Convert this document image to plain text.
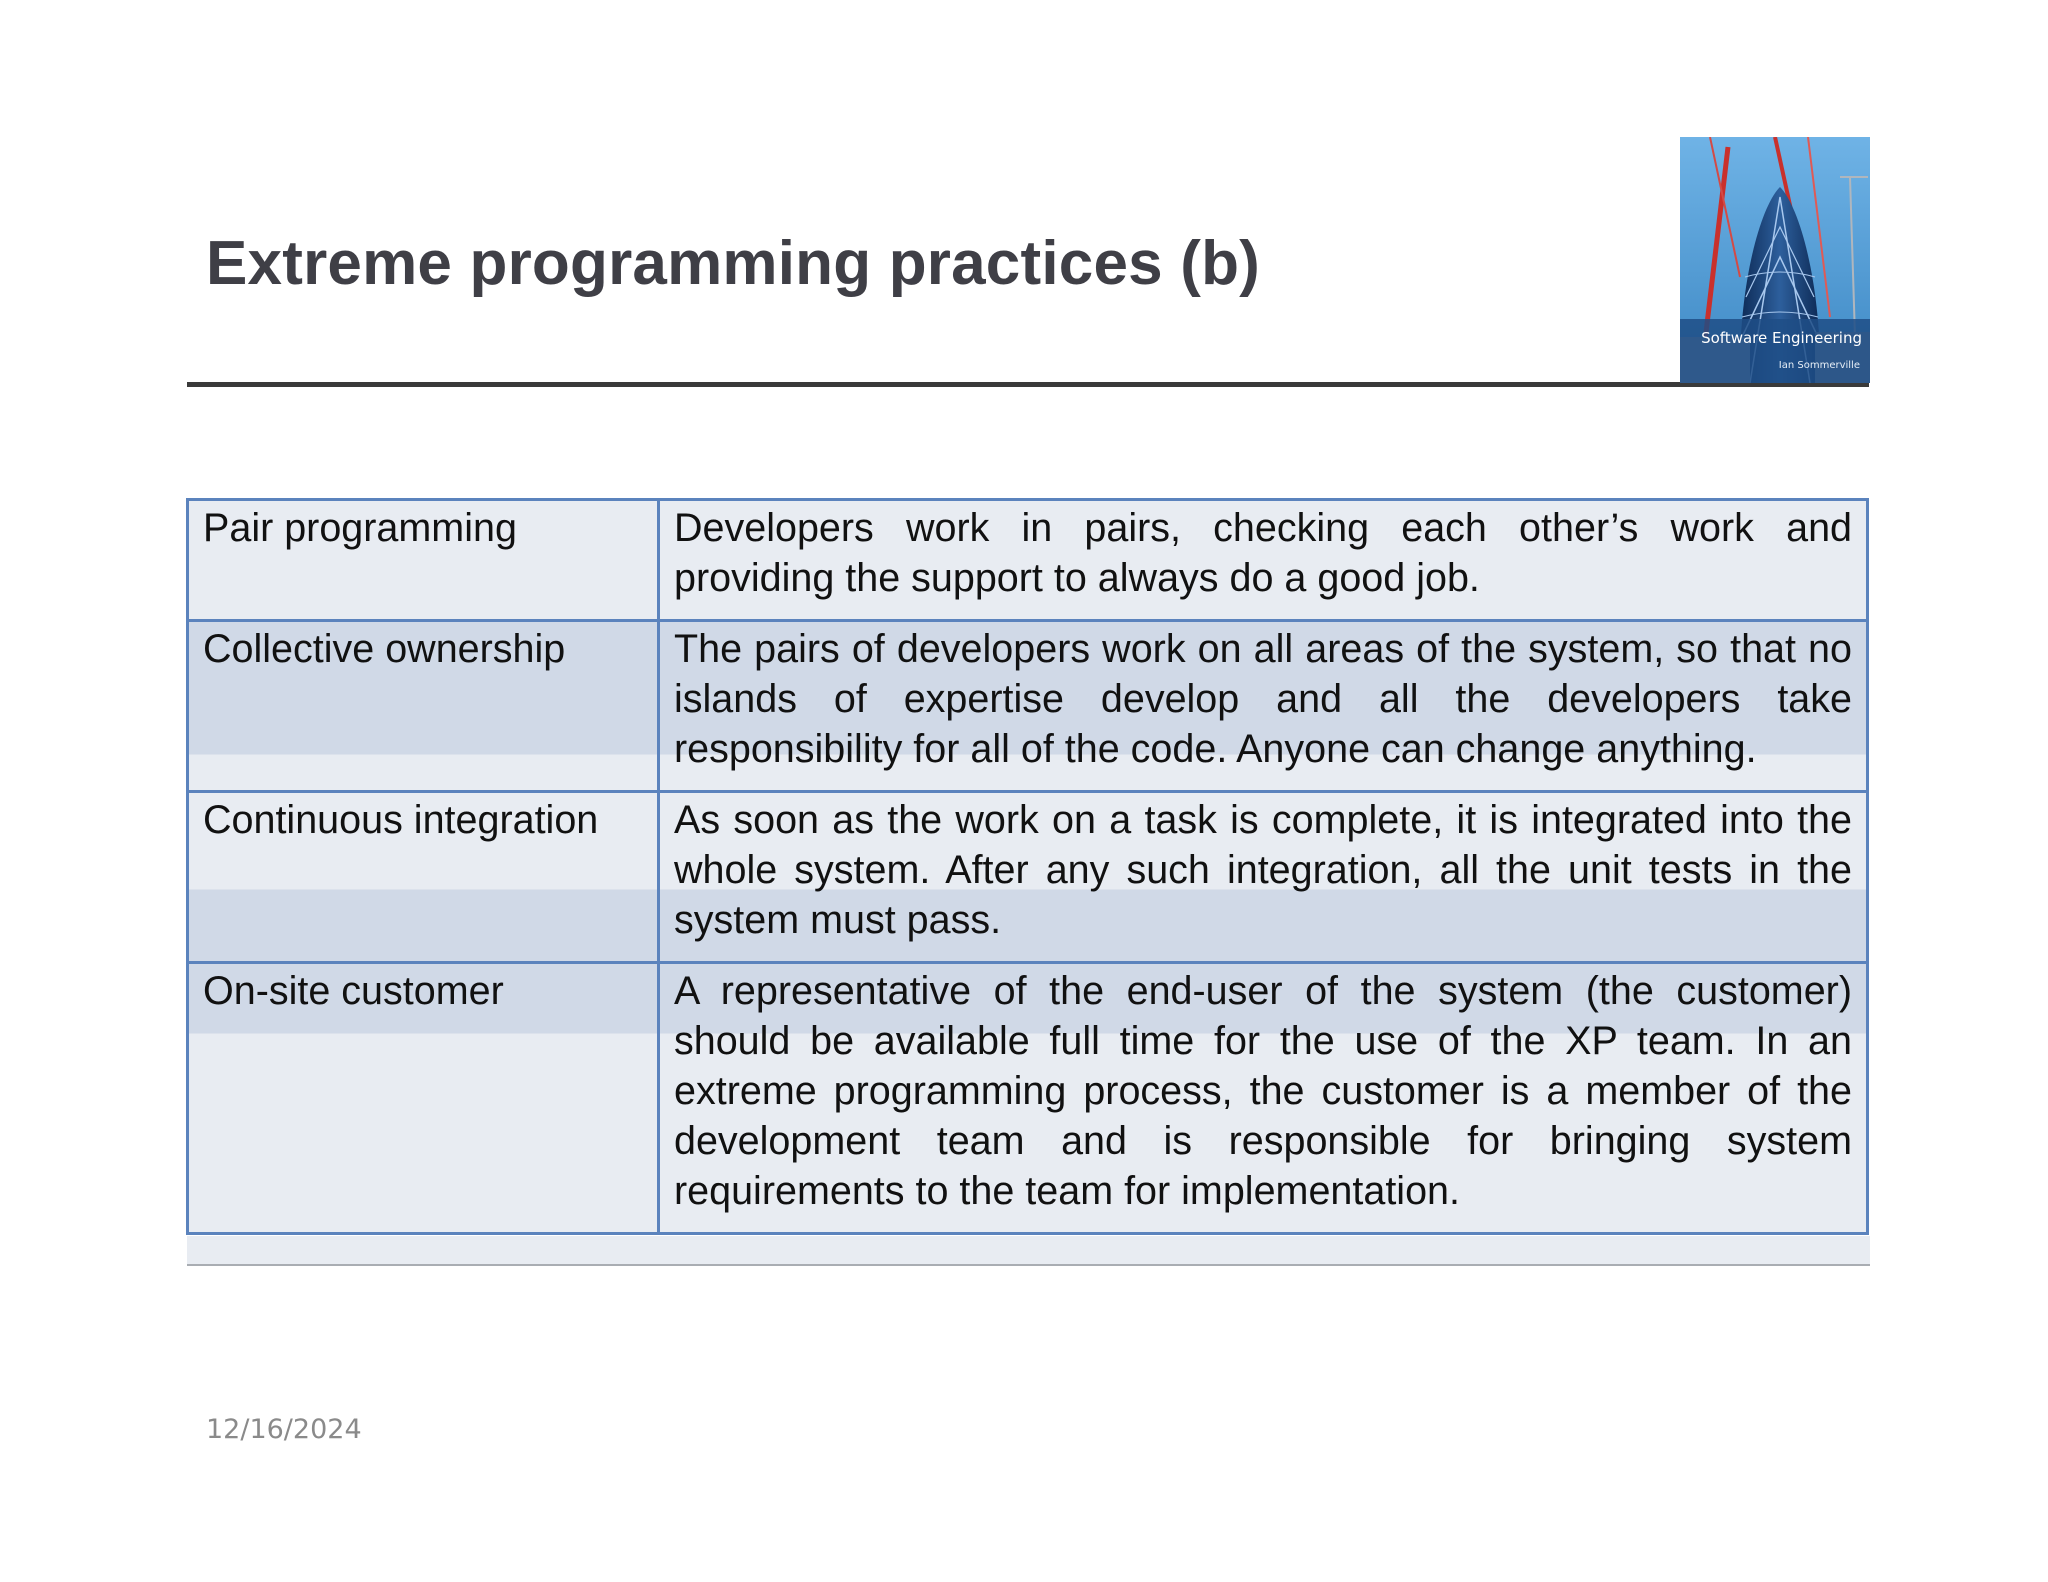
Extreme programming practices (b)
Software Engineering
Ian Sommerville
Pair programming	Developers work in pairs, checking each other’s work and providing the support to always do a good job.
Collective ownership	The pairs of developers work on all areas of the system, so that no islands of expertise develop and all the developers take responsibility for all of the code. Anyone can change anything.
Continuous integration	As soon as the work on a task is complete, it is integrated into the whole system. After any such integration, all the unit tests in the system must pass.
On-site customer	A representative of the end-user of the system (the customer) should be available full time for the use of the XP team. In an extreme programming process, the customer is a member of the development team and is responsible for bringing system requirements to the team for implementation.
12/16/2024
